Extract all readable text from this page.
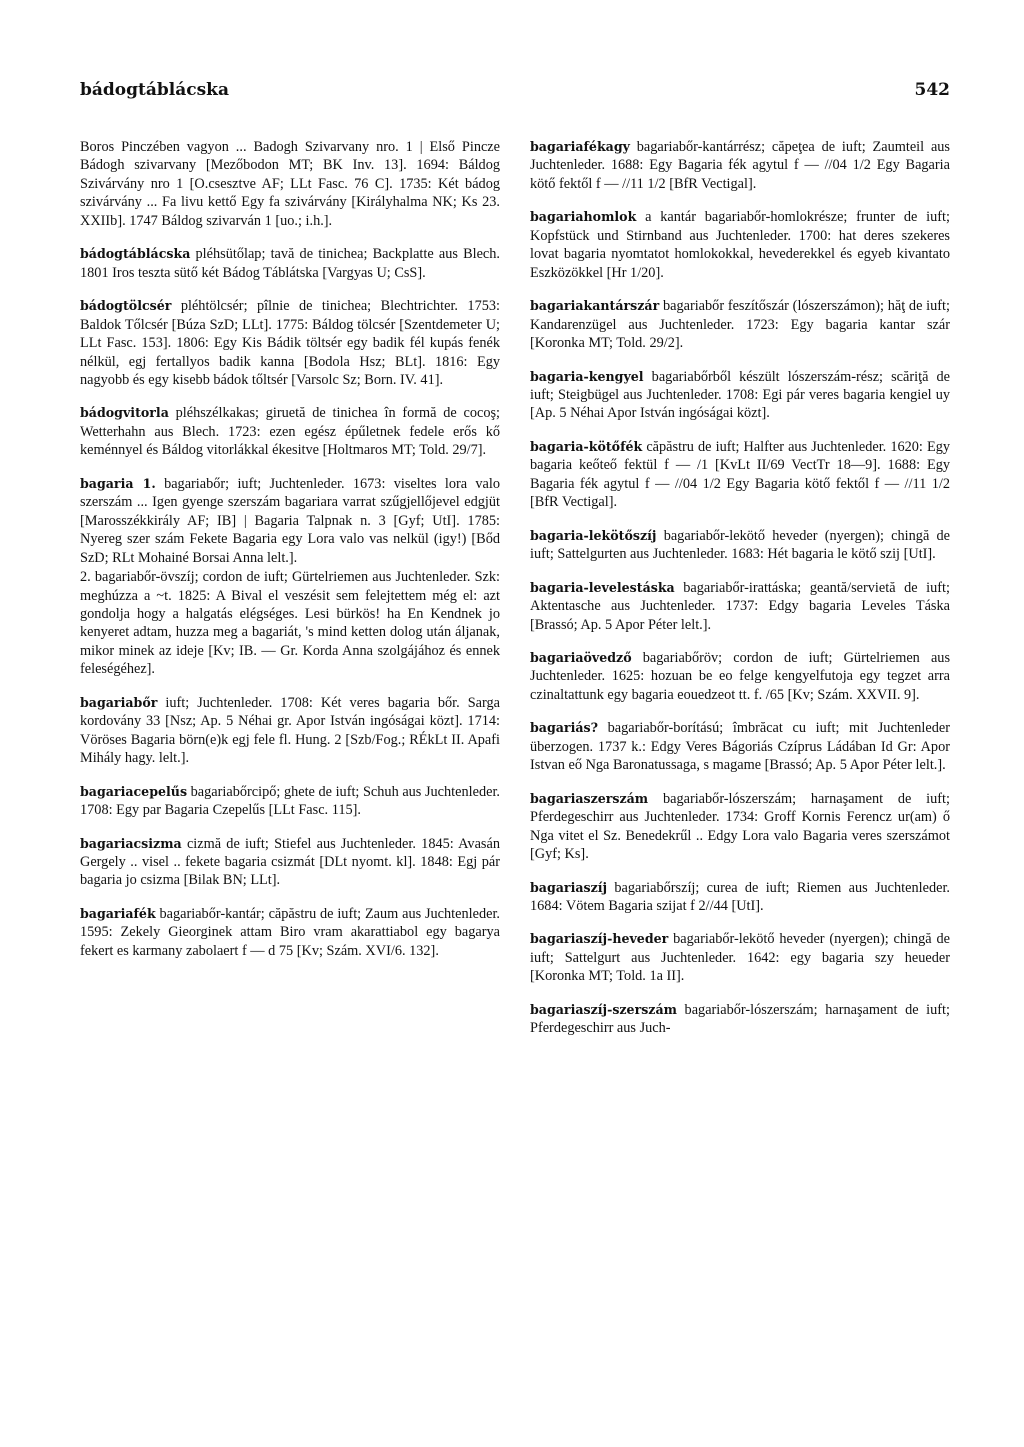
bádogtáblácska	542

Boros Pinczében vagyon ... Badogh Szivarvany nro. 1 | Első Pincze Bádogh szivarvany [Mezőbodon MT; BK Inv. 13]. 1694: Báldog Szivárvány nro 1 [O.csesztve AF; LLt Fasc. 76 C]. 1735: Két bádog szivárvány ... Fa livu kettő Egy fa szivárvány [Királyhalma NK; Ks 23. XXIIb]. 1747 Báldog szivarván 1 [uo.; i.h.].

bádogtáblácska pléhsütőlap; tavă de tinichea; Backplatte aus Blech. 1801 Iros teszta sütő két Bádog Táblátska [Vargyas U; CsS].

bádogtölcsér pléhtölcsér; pîlnie de tinichea; Blechtrichter. 1753: Baldok Tőlcsér [Búza SzD; LLt]. 1775: Báldog tölcsér [Szentdemeter U; LLt Fasc. 153]. 1806: Egy Kis Bádik töltsér egy badik fél kupás fenék nélkül, egj fertallyos badik kanna [Bodola Hsz; BLt]. 1816: Egy nagyobb és egy kisebb bádok tőltsér [Varsolc Sz; Born. IV. 41].

bádogvitorla pléhszélkakas; giruetă de tinichea în formă de cocoş; Wetterhahn aus Blech. 1723: ezen egész épűletnek fedele erős kő keménnyel és Báldog vitorlákkal ékesitve [Holtmaros MT; Told. 29/7].

bagaria 1. bagariabőr; iuft; Juchtenleder. 1673: viseltes lora valo szerszám ... Igen gyenge szerszám bagariara varrat szűgjellőjevel edgjüt [Marosszékkirály AF; IB] | Bagaria Talpnak n. 3 [Gyf; UtI]. 1785: Nyereg szer szám Fekete Bagaria egy Lora valo vas nelkül (igy!) [Bőd SzD; RLt Mohainé Borsai Anna lelt.].

2. bagariabőr-övszíj; cordon de iuft; Gürtelriemen aus Juchtenleder. Szk: meghúzza a ~t. 1825: A Bival el veszésit sem felejtettem még el: azt gondolja hogy a halgatás elégséges. Lesi bürkös! ha En Kendnek jo kenyeret adtam, huzza meg a bagariát, 's mind ketten dolog után áljanak, mikor minek az ideje [Kv; IB. — Gr. Korda Anna szolgájához és ennek feleségéhez].

bagariabőr iuft; Juchtenleder. 1708: Két veres bagaria bőr. Sarga kordovány 33 [Nsz; Ap. 5 Néhai gr. Apor István ingóságai közt]. 1714: Vöröses Bagaria börn(e)k egj fele fl. Hung. 2 [Szb/Fog.; RÉkLt II. Apafi Mihály hagy. lelt.].

bagariacepelűs bagariabőrcipő; ghete de iuft; Schuh aus Juchtenleder. 1708: Egy par Bagaria Czepelűs [LLt Fasc. 115].

bagariacsizma cizmă de iuft; Stiefel aus Juchtenleder. 1845: Avasán Gergely .. visel .. fekete bagaria csizmát [DLt nyomt. kl]. 1848: Egj pár bagaria jo csizma [Bilak BN; LLt].

bagariafék bagariabőr-kantár; căpăstru de iuft; Zaum aus Juchtenleder. 1595: Zekely Gieorginek attam Biro vram akarattiabol egy bagarya fekert es karmany zabolaert f — d 75 [Kv; Szám. XVI/6. 132].

bagariafékagy bagariabőr-kantárrész; căpeţea de iuft; Zaumteil aus Juchtenleder. 1688: Egy Bagaria fék agytul f — //04 1/2 Egy Bagaria kötő fektől f — //11 1/2 [BfR Vectigal].

bagariahomlok a kantár bagariabőr-homlokrésze; frunter de iuft; Kopfstück und Stirnband aus Juchtenleder. 1700: hat deres szekeres lovat bagaria nyomtatot homlokokkal, hevederekkel és egyeb kivantato Eszközökkel [Hr 1/20].

bagariakantárszár bagariabőr feszítőszár (lószerszámon); hăţ de iuft; Kandarenzügel aus Juchtenleder. 1723: Egy bagaria kantar szár [Koronka MT; Told. 29/2].

bagaria-kengyel bagariabőrből készült lószerszám-rész; scăriţă de iuft; Steigbügel aus Juchtenleder. 1708: Egi pár veres bagaria kengiel uy [Ap. 5 Néhai Apor István ingóságai közt].

bagaria-kötőfék căpăstru de iuft; Halfter aus Juchtenleder. 1620: Egy bagaria keőteő fektül f — /1 [KvLt II/69 VectTr 18—9]. 1688: Egy Bagaria fék agytul f — //04 1/2 Egy Bagaria kötő fektől f — //11 1/2 [BfR Vectigal].

bagaria-lekötőszíj bagariabőr-lekötő heveder (nyergen); chingă de iuft; Sattelgurten aus Juchtenleder. 1683: Hét bagaria le kötő szij [UtI].

bagaria-levelestáska bagariabőr-irattáska; geantă/servietă de iuft; Aktentasche aus Juchtenleder. 1737: Edgy bagaria Leveles Táska [Brassó; Ap. 5 Apor Péter lelt.].

bagariaövedző bagariabőröv; cordon de iuft; Gürtelriemen aus Juchtenleder. 1625: hozuan be eo felge kengyelfutoja egy tegzet arra czinaltattunk egy bagaria eouedzeot tt. f. /65 [Kv; Szám. XXVII. 9].

bagariás? bagariabőr-borítású; îmbrăcat cu iuft; mit Juchtenleder überzogen. 1737 k.: Edgy Veres Bágoriás Czíprus Ládában Id Gr: Apor Istvan eő Nga Baronatussaga, s magame [Brassó; Ap. 5 Apor Péter lelt.].

bagariaszerszám bagariabőr-lószerszám; harnaşament de iuft; Pferdegeschirr aus Juchtenleder. 1734: Groff Kornis Ferencz ur(am) ő Nga vitet el Sz. Benedekrűl .. Edgy Lora valo Bagaria veres szerszámot [Gyf; Ks].

bagariaszíj bagariabőrszíj; curea de iuft; Riemen aus Juchtenleder. 1684: Vötem Bagaria szijat f 2//44 [UtI].

bagariaszíj-heveder bagariabőr-lekötő heveder (nyergen); chingă de iuft; Sattelgurt aus Juchtenleder. 1642: egy bagaria szy heueder [Koronka MT; Told. 1a II].

bagariaszíj-szerszám bagariabőr-lószerszám; harnaşament de iuft; Pferdegeschirr aus Juch-
